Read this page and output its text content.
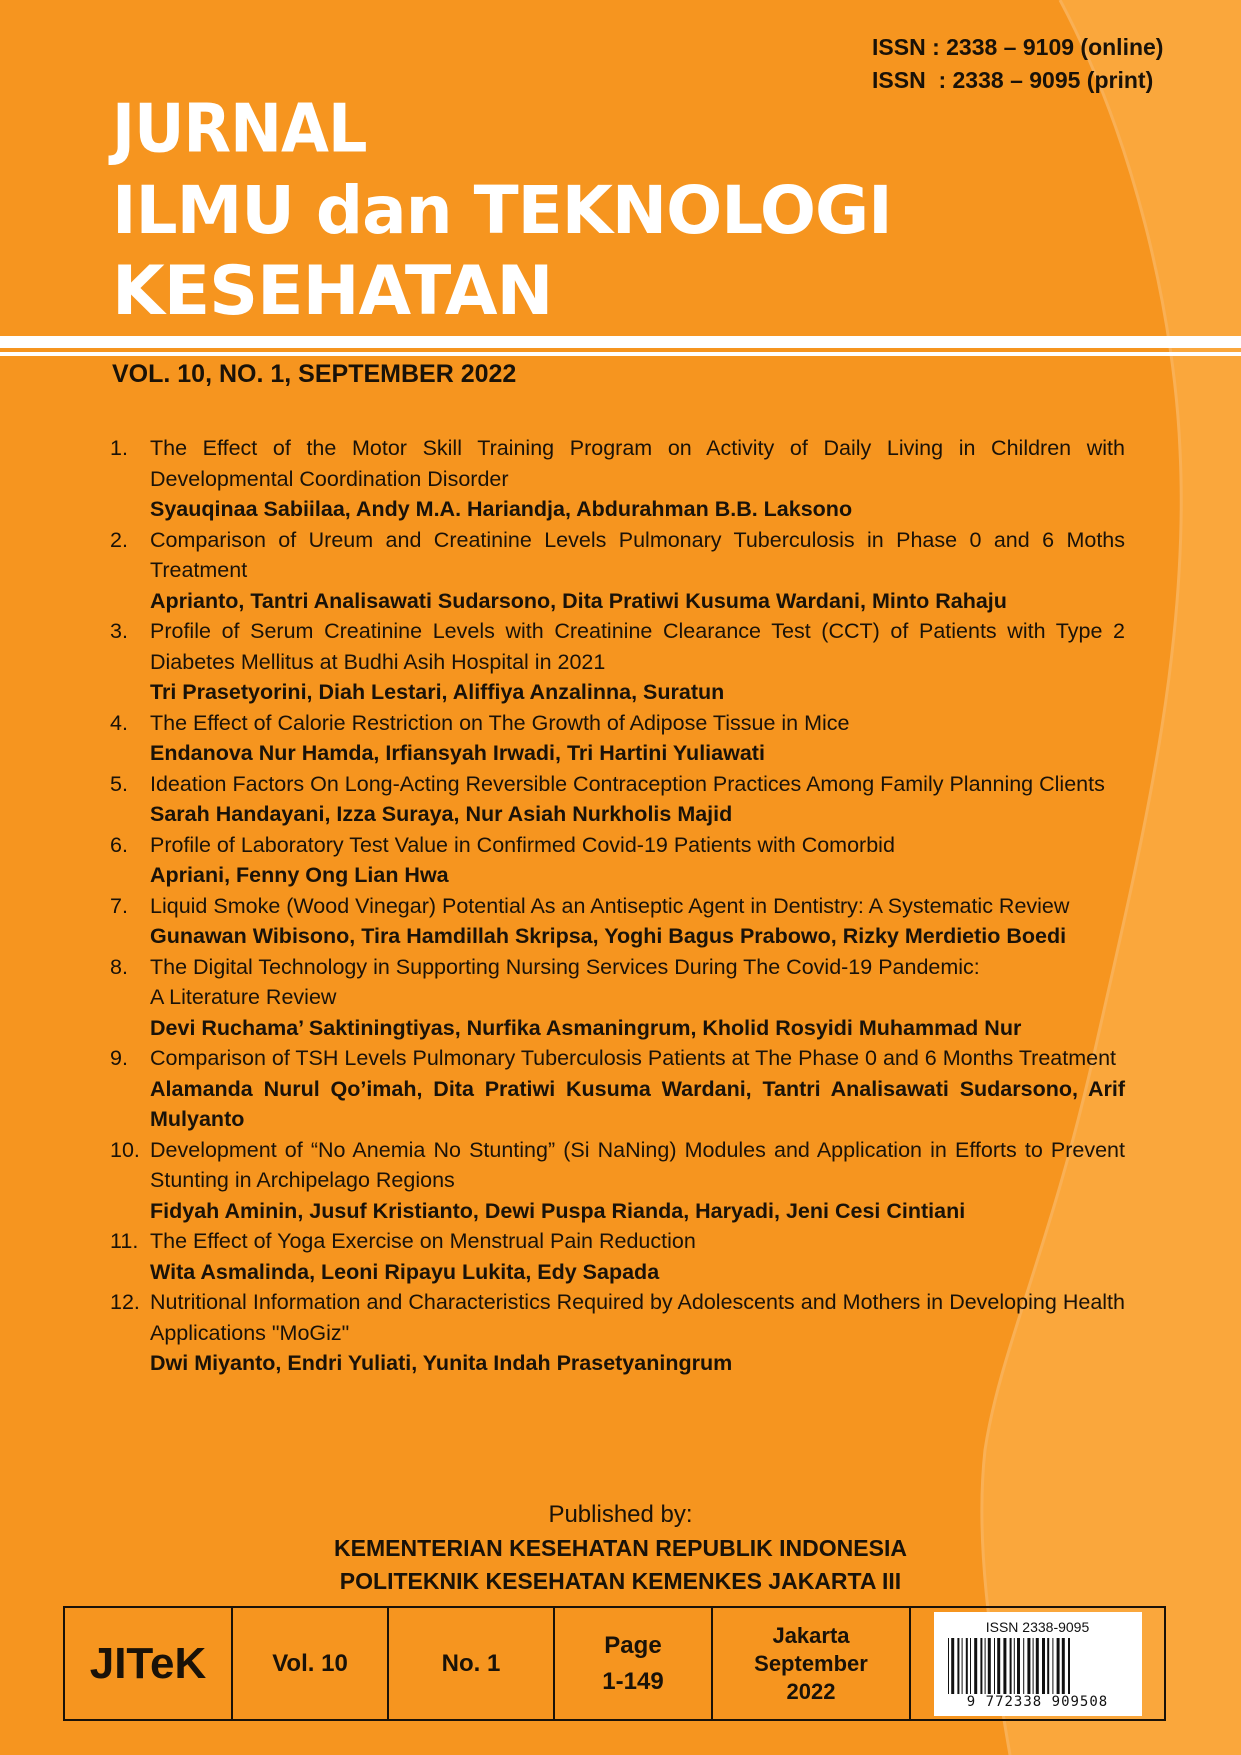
ISSN : 2338 – 9109 (online)
ISSN  : 2338 – 9095 (print)
JURNAL
ILMU dan TEKNOLOGI
KESEHATAN
VOL. 10, NO. 1, SEPTEMBER 2022
1.	The Effect of the Motor Skill Training Program on Activity of Daily Living in Children with Developmental Coordination Disorder
Syauqinaa Sabiilaa, Andy M.A. Hariandja, Abdurahman B.B. Laksono
2.	Comparison of Ureum and Creatinine Levels Pulmonary Tuberculosis in Phase 0 and 6 Moths Treatment
Aprianto, Tantri Analisawati Sudarsono, Dita Pratiwi Kusuma Wardani, Minto Rahaju
3.	Profile of Serum Creatinine Levels with Creatinine Clearance Test (CCT) of Patients with Type 2 Diabetes Mellitus at Budhi Asih Hospital in 2021
Tri Prasetyorini, Diah Lestari, Aliffiya Anzalinna, Suratun
4.	The Effect of Calorie Restriction on The Growth of Adipose Tissue in Mice
Endanova Nur Hamda, Irfiansyah Irwadi, Tri Hartini Yuliawati
5.	Ideation Factors On Long-Acting Reversible Contraception Practices Among Family Planning Clients
Sarah Handayani, Izza Suraya, Nur Asiah Nurkholis Majid
6.	Profile of Laboratory Test Value in Confirmed Covid-19 Patients with Comorbid
Apriani, Fenny Ong Lian Hwa
7.	Liquid Smoke (Wood Vinegar) Potential As an Antiseptic Agent in Dentistry: A Systematic Review
Gunawan Wibisono, Tira Hamdillah Skripsa, Yoghi Bagus Prabowo, Rizky Merdietio Boedi
8.	The Digital Technology in Supporting Nursing Services During The Covid-19 Pandemic:
A Literature Review
Devi Ruchama’ Saktiningtiyas, Nurfika Asmaningrum, Kholid Rosyidi Muhammad Nur
9.	Comparison of TSH Levels Pulmonary Tuberculosis Patients at The Phase 0 and 6 Months Treatment
Alamanda Nurul Qo’imah, Dita Pratiwi Kusuma Wardani, Tantri Analisawati Sudarsono, Arif Mulyanto
10. Development of “No Anemia No Stunting” (Si NaNing) Modules and Application in Efforts to Prevent Stunting in Archipelago Regions
Fidyah Aminin, Jusuf Kristianto, Dewi Puspa Rianda, Haryadi, Jeni Cesi Cintiani
11. The Effect of Yoga Exercise on Menstrual Pain Reduction
Wita Asmalinda, Leoni Ripayu Lukita, Edy Sapada
12. Nutritional Information and Characteristics Required by Adolescents and Mothers in Developing Health Applications "MoGiz"
Dwi Miyanto, Endri Yuliati, Yunita Indah Prasetyaningrum
Published by:
KEMENTERIAN KESEHATAN REPUBLIK INDONESIA
POLITEKNIK KESEHATAN KEMENKES JAKARTA III
JITeK	Vol. 10	No. 1
Page
1-149
Jakarta
September
2022
ISSN 2338-9095
9 772338 909508
